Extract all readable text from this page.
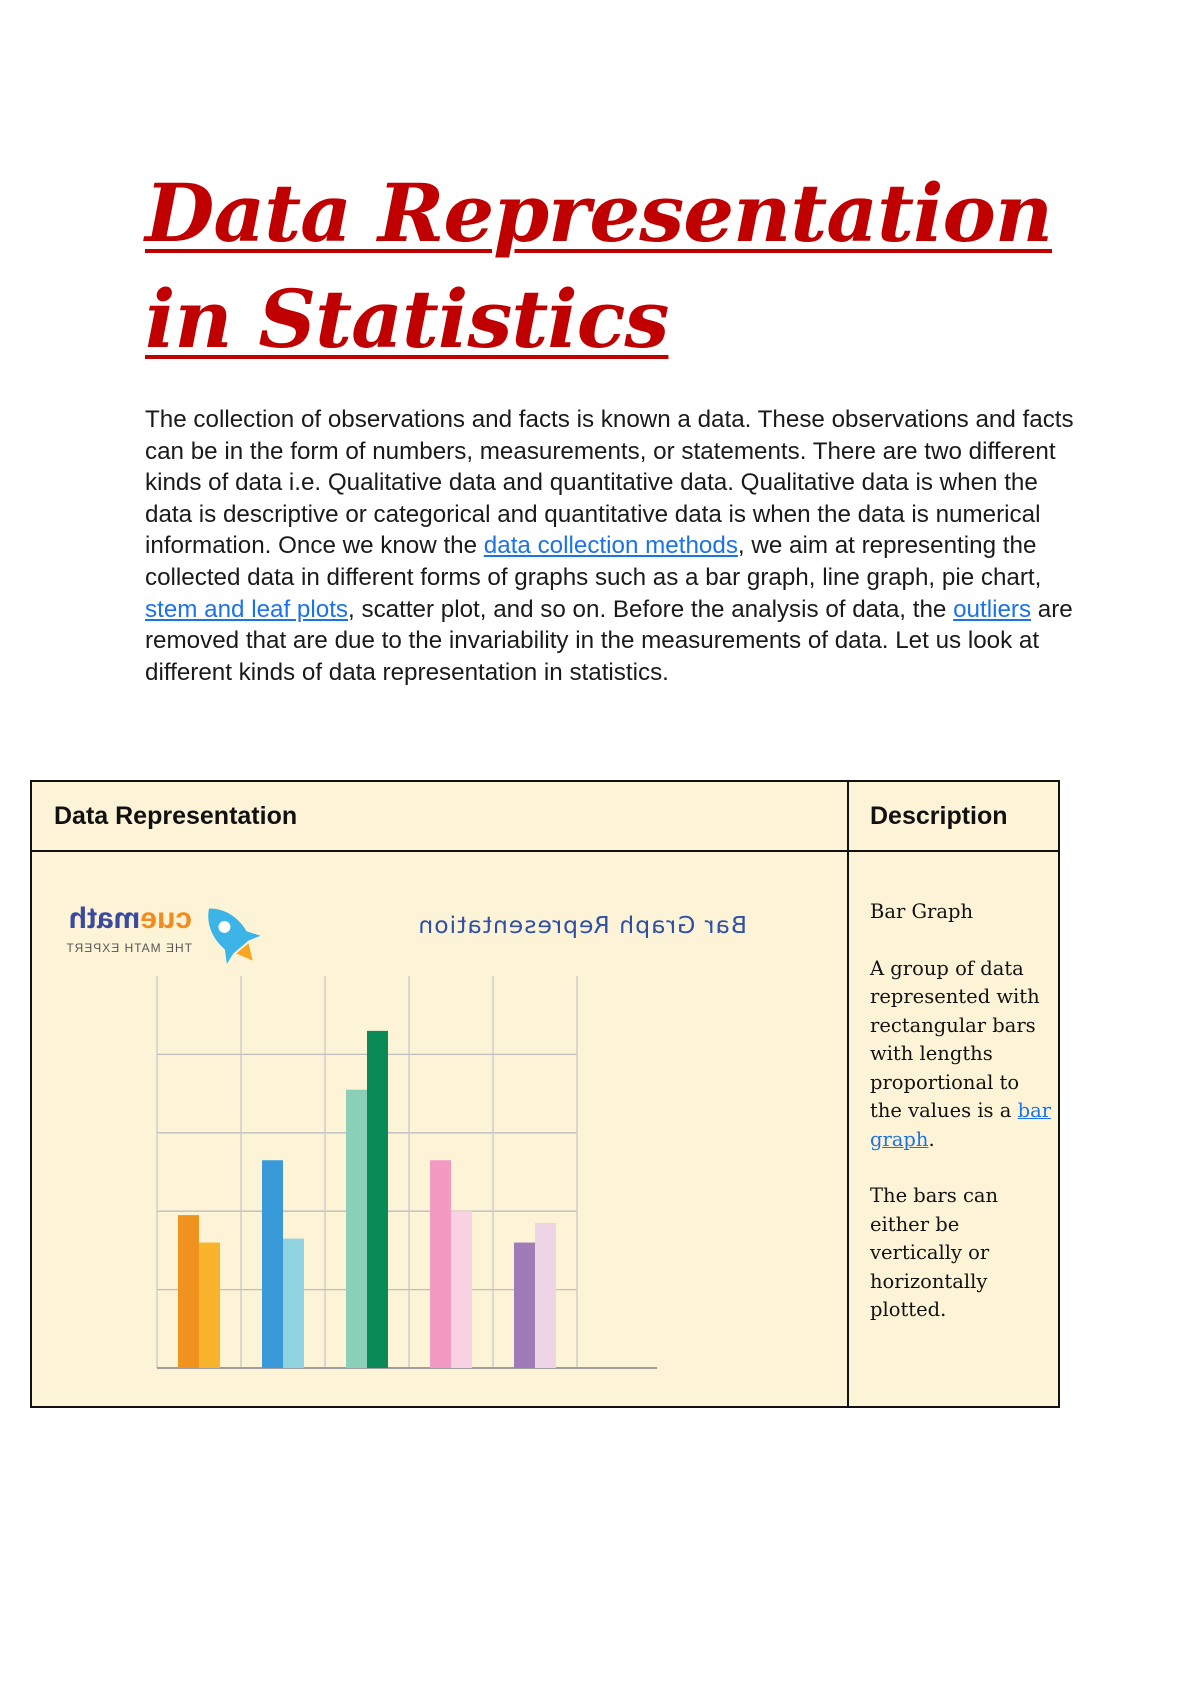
Data Representation in Statistics

The collection of observations and facts is known a data. These observations and facts can be in the form of numbers, measurements, or statements. There are two different kinds of data i.e. Qualitative data and quantitative data. Qualitative data is when the data is descriptive or categorical and quantitative data is when the data is numerical information. Once we know the data collection methods, we aim at representing the collected data in different forms of graphs such as a bar graph, line graph, pie chart, stem and leaf plots, scatter plot, and so on. Before the analysis of data, the outliers are removed that are due to the invariability in the measurements of data. Let us look at different kinds of data representation in statistics.

Data Representation	Description
cuemath
THE MATH EXPERT
Bar Graph Representation	Bar Graph

A group of data represented with rectangular bars with lengths proportional to the values is a bar graph.

The bars can either be vertically or horizontally plotted.
